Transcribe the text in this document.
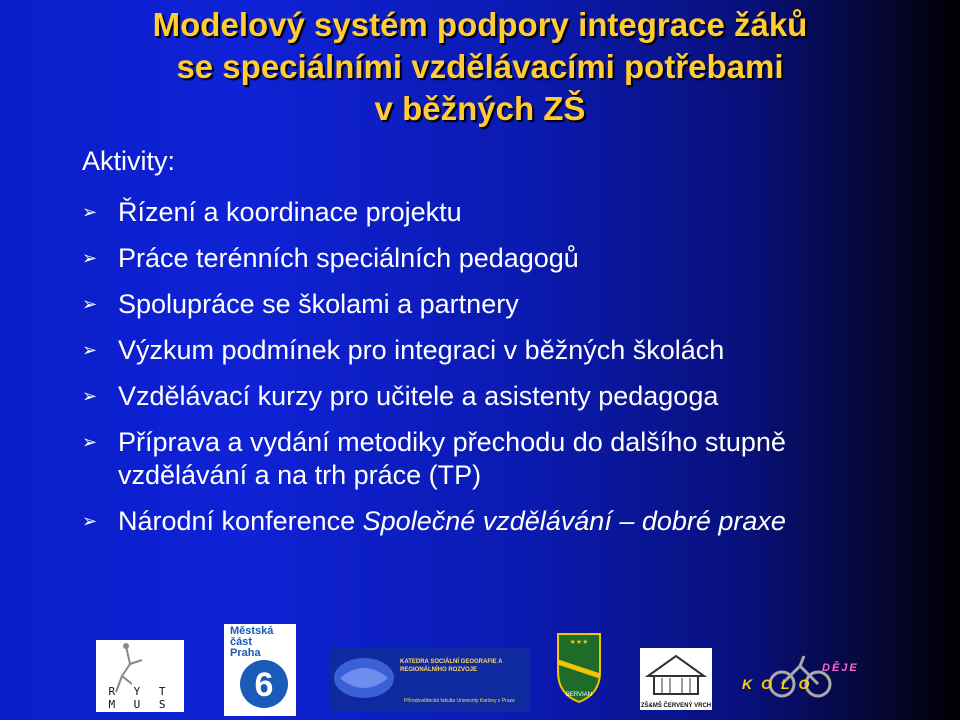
Modelový systém podpory integrace žáků
se speciálními vzdělávacími potřebami
v běžných ZŠ

Aktivity:

➢ Řízení a koordinace projektu
➢ Práce terénních speciálních pedagogů
➢ Spolupráce se školami a partnery
➢ Výzkum podmínek pro integraci v běžných školách
➢ Vzdělávací kurzy pro učitele a asistenty pedagoga
➢ Příprava a vydání metodiky přechodu do dalšího stupně vzdělávání a na trh práce (TP)
➢ Národní konference Společné vzdělávání – dobré praxe
R Y T M U S
Městská
část
Praha
6
KATEDRA SOCIÁLNÍ GEOGRAFIE A REGIONÁLNÍHO ROZVOJE
Přírodovědecká fakulta Univerzity Karlovy v Praze
★★★
BERVIAN
ZŠ&MŠ ČERVENÝ VRCH
KOLO
DĚJE
